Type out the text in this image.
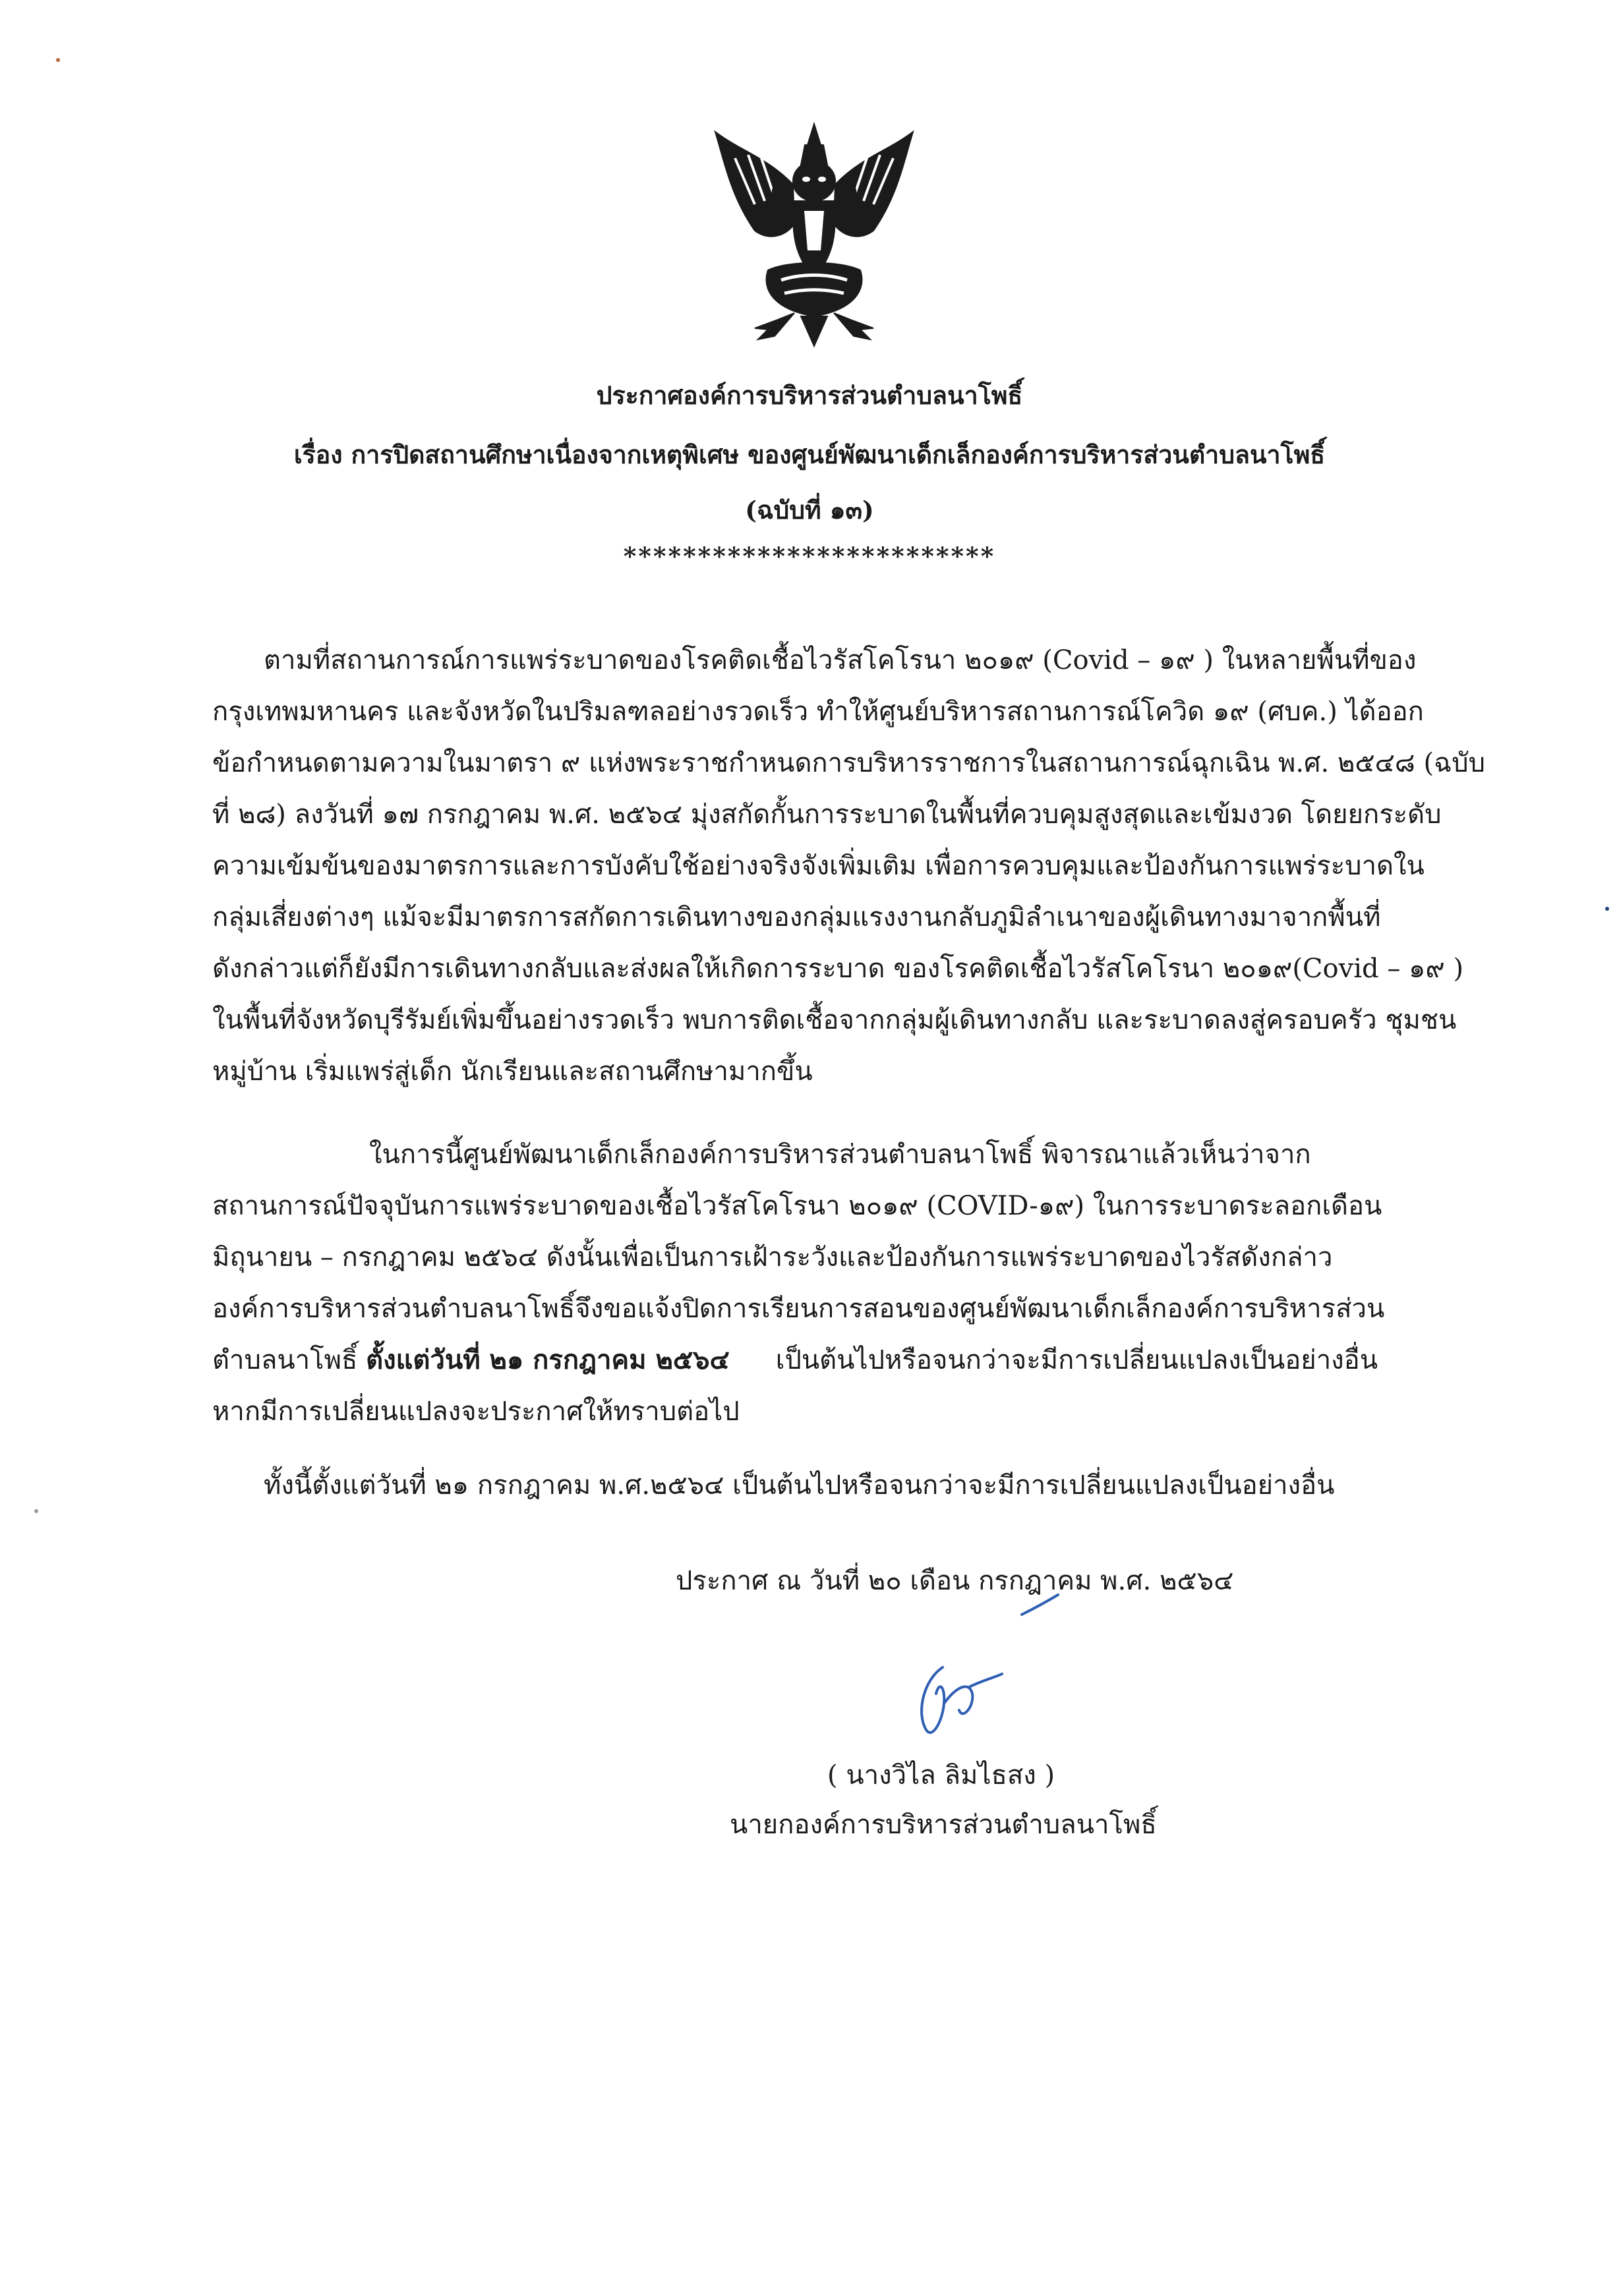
ประกาศองค์การบริหารส่วนตำบลนาโพธิ์
เรื่อง การปิดสถานศึกษาเนื่องจากเหตุพิเศษ ของศูนย์พัฒนาเด็กเล็กองค์การบริหารส่วนตำบลนาโพธิ์
(ฉบับที่ ๑๓)
*************************
ตามที่สถานการณ์การแพร่ระบาดของโรคติดเชื้อไวรัสโคโรนา ๒๐๑๙ (Covid – ๑๙ ) ในหลายพื้นที่ของ
กรุงเทพมหานคร และจังหวัดในปริมลฑลอย่างรวดเร็ว ทำให้ศูนย์บริหารสถานการณ์โควิด ๑๙ (ศบค.) ได้ออก
ข้อกำหนดตามความในมาตรา ๙ แห่งพระราชกำหนดการบริหารราชการในสถานการณ์ฉุกเฉิน พ.ศ. ๒๕๔๘ (ฉบับ
ที่ ๒๘) ลงวันที่ ๑๗ กรกฎาคม พ.ศ. ๒๕๖๔ มุ่งสกัดกั้นการระบาดในพื้นที่ควบคุมสูงสุดและเข้มงวด โดยยกระดับ
ความเข้มข้นของมาตรการและการบังคับใช้อย่างจริงจังเพิ่มเติม เพื่อการควบคุมและป้องกันการแพร่ระบาดใน
กลุ่มเสี่ยงต่างๆ แม้จะมีมาตรการสกัดการเดินทางของกลุ่มแรงงานกลับภูมิลำเนาของผู้เดินทางมาจากพื้นที่
ดังกล่าวแต่ก็ยังมีการเดินทางกลับและส่งผลให้เกิดการระบาด ของโรคติดเชื้อไวรัสโคโรนา ๒๐๑๙(Covid – ๑๙ )
ในพื้นที่จังหวัดบุรีรัมย์เพิ่มขึ้นอย่างรวดเร็ว พบการติดเชื้อจากกลุ่มผู้เดินทางกลับ และระบาดลงสู่ครอบครัว ชุมชน
หมู่บ้าน เริ่มแพร่สู่เด็ก นักเรียนและสถานศึกษามากขึ้น
ในการนี้ศูนย์พัฒนาเด็กเล็กองค์การบริหารส่วนตำบลนาโพธิ์ พิจารณาแล้วเห็นว่าจาก
สถานการณ์ปัจจุบันการแพร่ระบาดของเชื้อไวรัสโคโรนา ๒๐๑๙ (COVID-๑๙) ในการระบาดระลอกเดือน
มิถุนายน – กรกฎาคม ๒๕๖๔ ดังนั้นเพื่อเป็นการเฝ้าระวังและป้องกันการแพร่ระบาดของไวรัสดังกล่าว
องค์การบริหารส่วนตำบลนาโพธิ์จึงขอแจ้งปิดการเรียนการสอนของศูนย์พัฒนาเด็กเล็กองค์การบริหารส่วน
ตำบลนาโพธิ์ ตั้งแต่วันที่ ๒๑ กรกฎาคม ๒๕๖๔ เป็นต้นไปหรือจนกว่าจะมีการเปลี่ยนแปลงเป็นอย่างอื่น
หากมีการเปลี่ยนแปลงจะประกาศให้ทราบต่อไป
ทั้งนี้ตั้งแต่วันที่ ๒๑ กรกฎาคม พ.ศ.๒๕๖๔ เป็นต้นไปหรือจนกว่าจะมีการเปลี่ยนแปลงเป็นอย่างอื่น
ประกาศ ณ วันที่ ๒๐ เดือน กรกฎาคม พ.ศ. ๒๕๖๔
( นางวิไล ลิมไธสง )
นายกองค์การบริหารส่วนตำบลนาโพธิ์
